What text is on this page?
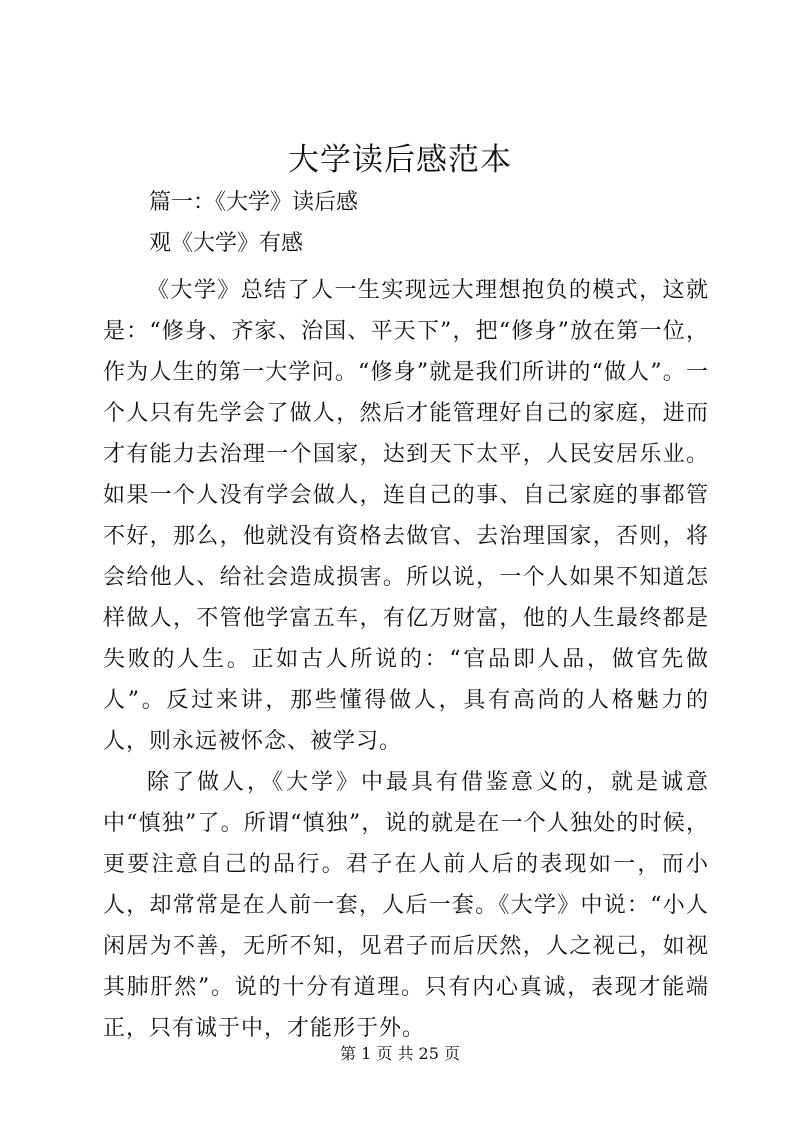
大学读后感范本

篇一：《大学》读后感

观《大学》有感

《大学》总结了人一生实现远大理想抱负的模式，这就是：“修身、齐家、治国、平天下”，把“修身”放在第一位，作为人生的第一大学问。“修身”就是我们所讲的“做人”。一个人只有先学会了做人，然后才能管理好自己的家庭，进而才有能力去治理一个国家，达到天下太平，人民安居乐业。如果一个人没有学会做人，连自己的事、自己家庭的事都管不好，那么，他就没有资格去做官、去治理国家，否则，将会给他人、给社会造成损害。所以说，一个人如果不知道怎样做人，不管他学富五车，有亿万财富，他的人生最终都是失败的人生。正如古人所说的：“官品即人品，做官先做人”。反过来讲，那些懂得做人，具有高尚的人格魅力的人，则永远被怀念、被学习。

除了做人，《大学》中最具有借鉴意义的，就是诚意中“慎独”了。所谓“慎独”，说的就是在一个人独处的时候，更要注意自己的品行。君子在人前人后的表现如一，而小人，却常常是在人前一套，人后一套。《大学》中说：“小人闲居为不善，无所不知，见君子而后厌然，人之视己，如视其肺肝然”。说的十分有道理。只有内心真诚，表现才能端正，只有诚于中，才能形于外。

第 1 页 共 25 页
